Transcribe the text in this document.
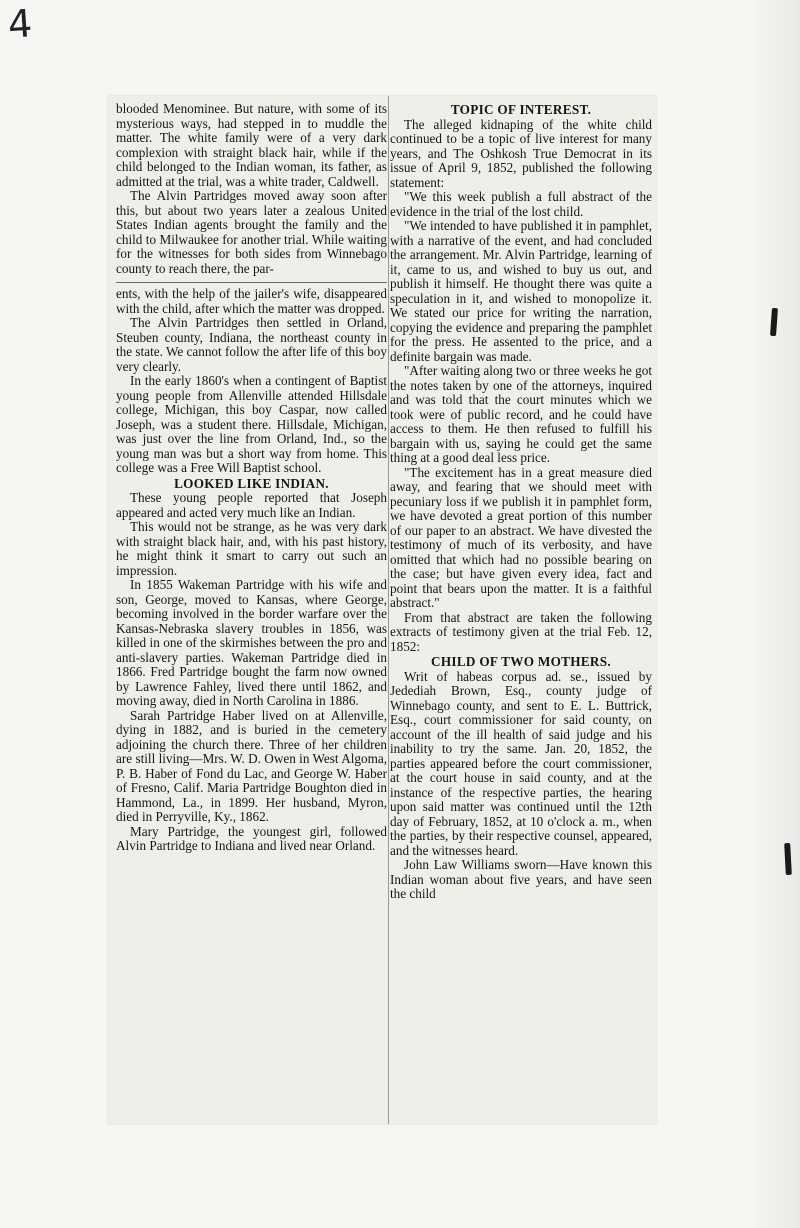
4

blooded Menominee. But nature, with some of its mysterious ways, had stepped in to muddle the matter. The white family were of a very dark complexion with straight black hair, while if the child belonged to the Indian woman, its father, as admitted at the trial, was a white trader, Caldwell.

The Alvin Partridges moved away soon after this, but about two years later a zealous United States Indian agents brought the family and the child to Milwaukee for another trial. While waiting for the witnesses for both sides from Winnebago county to reach there, the par-

ents, with the help of the jailer's wife, disappeared with the child, after which the matter was dropped.

The Alvin Partridges then settled in Orland, Steuben county, Indiana, the northeast county in the state. We cannot follow the after life of this boy very clearly.

In the early 1860's when a contingent of Baptist young people from Allenville attended Hillsdale college, Michigan, this boy Caspar, now called Joseph, was a student there. Hillsdale, Michigan, was just over the line from Orland, Ind., so the young man was but a short way from home. This college was a Free Will Baptist school.

LOOKED LIKE INDIAN.

These young people reported that Joseph appeared and acted very much like an Indian.

This would not be strange, as he was very dark with straight black hair, and, with his past history, he might think it smart to carry out such an impression.

In 1855 Wakeman Partridge with his wife and son, George, moved to Kansas, where George, becoming involved in the border warfare over the Kansas-Nebraska slavery troubles in 1856, was killed in one of the skirmishes between the pro and anti-slavery parties. Wakeman Partridge died in 1866. Fred Partridge bought the farm now owned by Lawrence Fahley, lived there until 1862, and moving away, died in North Carolina in 1886.

Sarah Partridge Haber lived on at Allenville, dying in 1882, and is buried in the cemetery adjoining the church there. Three of her children are still living—Mrs. W. D. Owen in West Algoma, P. B. Haber of Fond du Lac, and George W. Haber of Fresno, Calif. Maria Partridge Boughton died in Hammond, La., in 1899. Her husband, Myron, died in Perryville, Ky., 1862.

Mary Partridge, the youngest girl, followed Alvin Partridge to Indiana and lived near Orland.

TOPIC OF INTEREST.

The alleged kidnaping of the white child continued to be a topic of live interest for many years, and The Oshkosh True Democrat in its issue of April 9, 1852, published the following statement:

"We this week publish a full abstract of the evidence in the trial of the lost child.

"We intended to have published it in pamphlet, with a narrative of the event, and had concluded the arrangement. Mr. Alvin Partridge, learning of it, came to us, and wished to buy us out, and publish it himself. He thought there was quite a speculation in it, and wished to monopolize it. We stated our price for writing the narration, copying the evidence and preparing the pamphlet for the press. He assented to the price, and a definite bargain was made.

"After waiting along two or three weeks he got the notes taken by one of the attorneys, inquired and was told that the court minutes which we took were of public record, and he could have access to them. He then refused to fulfill his bargain with us, saying he could get the same thing at a good deal less price.

"The excitement has in a great measure died away, and fearing that we should meet with pecuniary loss if we publish it in pamphlet form, we have devoted a great portion of this number of our paper to an abstract. We have divested the testimony of much of its verbosity, and have omitted that which had no possible bearing on the case; but have given every idea, fact and point that bears upon the matter. It is a faithful abstract."

From that abstract are taken the following extracts of testimony given at the trial Feb. 12, 1852:

CHILD OF TWO MOTHERS.

Writ of habeas corpus ad. se., issued by Jedediah Brown, Esq., county judge of Winnebago county, and sent to E. L. Buttrick, Esq., court commissioner for said county, on account of the ill health of said judge and his inability to try the same. Jan. 20, 1852, the parties appeared before the court commissioner, at the court house in said county, and at the instance of the respective parties, the hearing upon said matter was continued until the 12th day of February, 1852, at 10 o'clock a. m., when the parties, by their respective counsel, appeared, and the witnesses heard.

John Law Williams sworn—Have known this Indian woman about five years, and have seen the child
